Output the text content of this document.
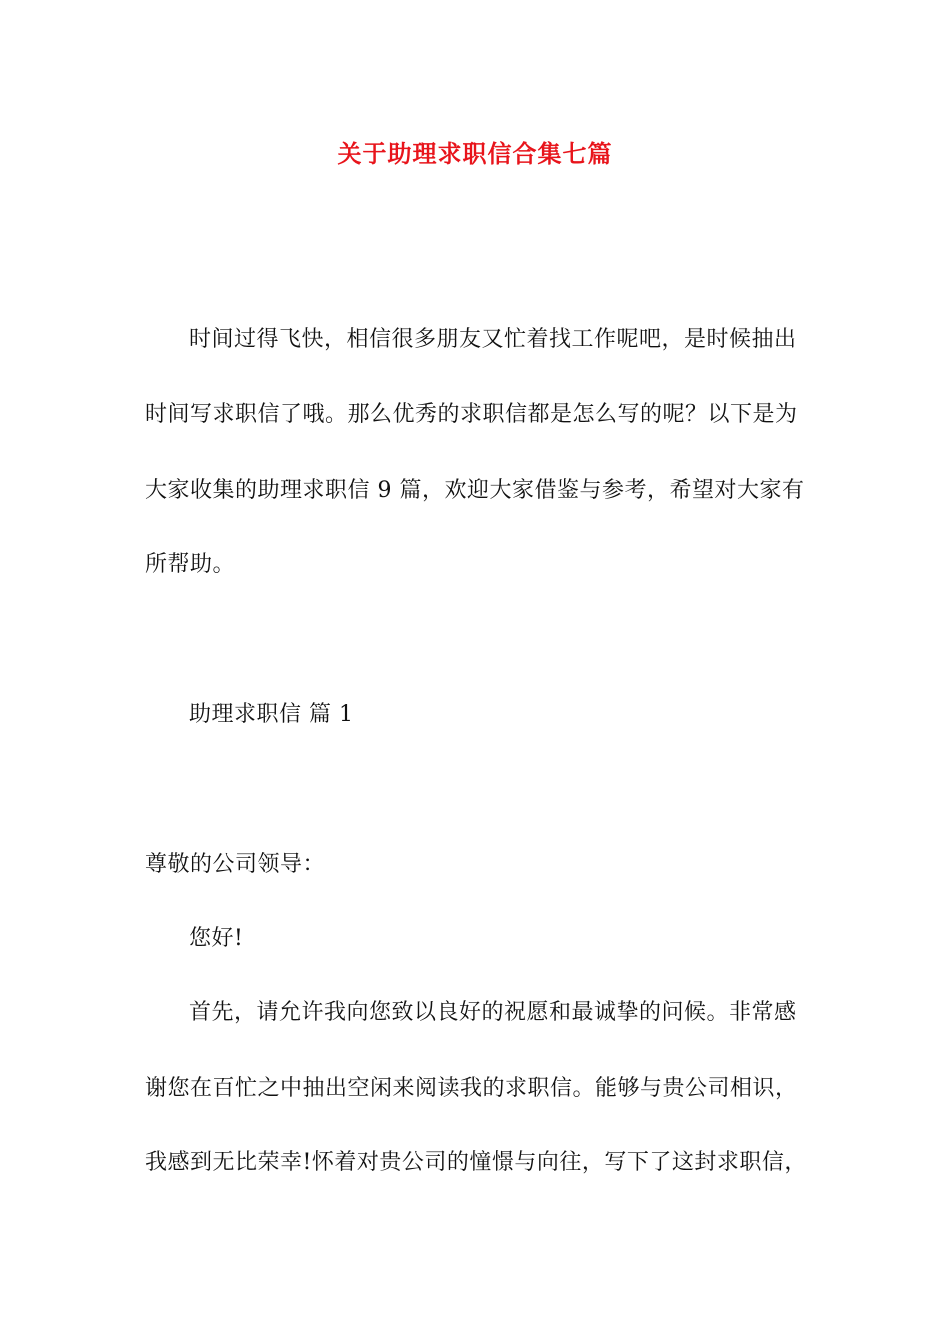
关于助理求职信合集七篇
时间过得飞快，相信很多朋友又忙着找工作呢吧，是时候抽出
时间写求职信了哦。那么优秀的求职信都是怎么写的呢？以下是为
大家收集的助理求职信 9 篇，欢迎大家借鉴与参考，希望对大家有
所帮助。
助理求职信 篇 1
尊敬的公司领导：
您好!
首先，请允许我向您致以良好的祝愿和最诚挚的问候。非常感
谢您在百忙之中抽出空闲来阅读我的求职信。能够与贵公司相识，
我感到无比荣幸!怀着对贵公司的憧憬与向往，写下了这封求职信，
